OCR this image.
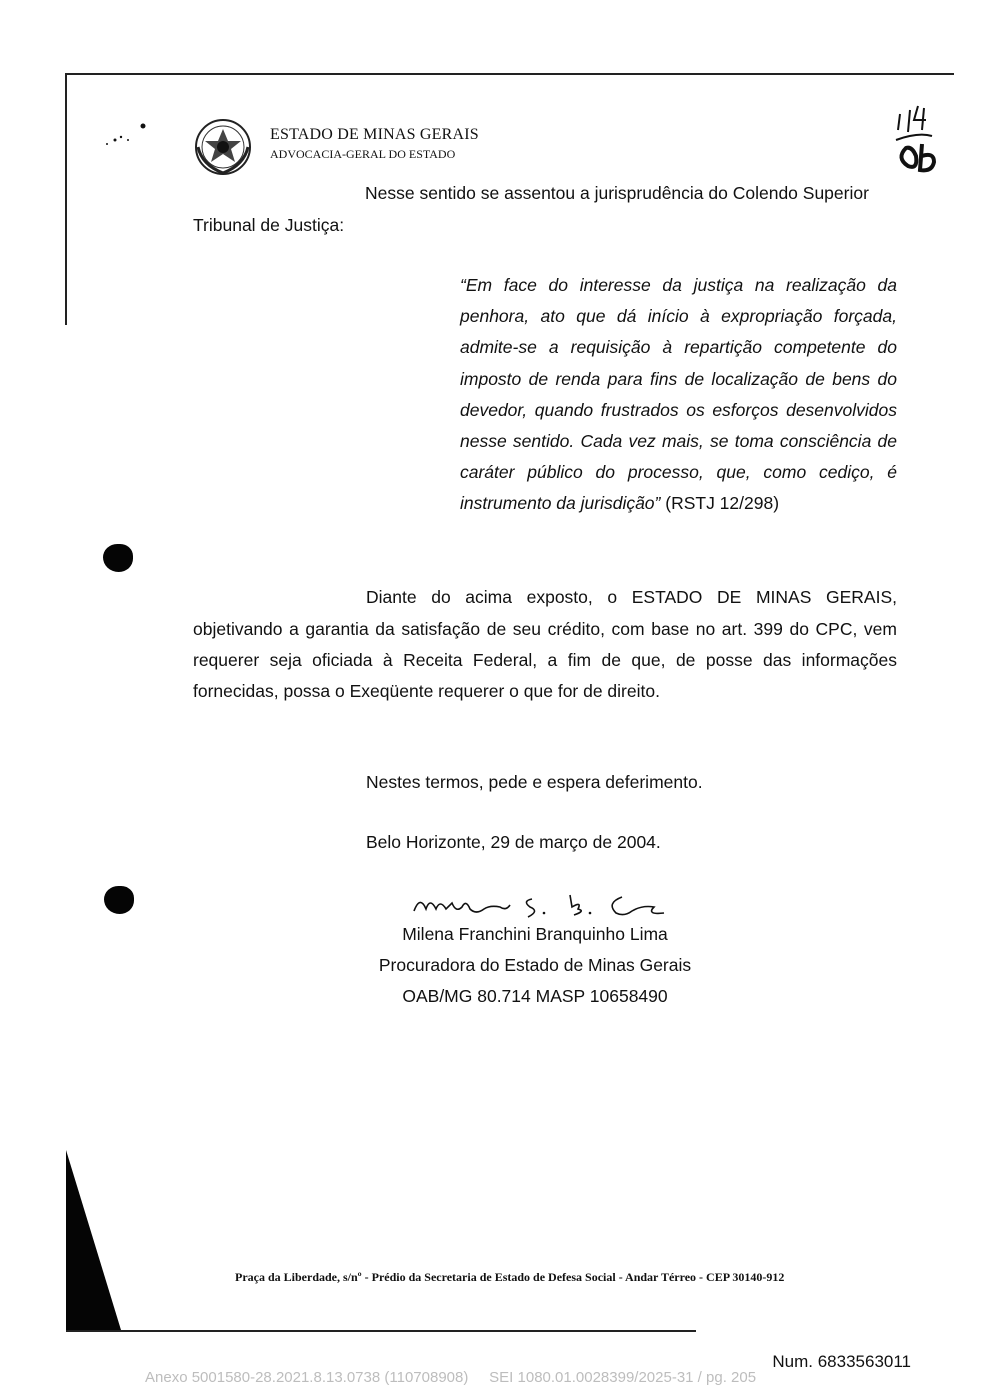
ESTADO DE MINAS GERAIS
ADVOCACIA-GERAL DO ESTADO
Nesse sentido se assentou a jurisprudência do Colendo Superior
Tribunal de Justiça:
“Em face do interesse da justiça na realização da penhora, ato que dá início à expropriação forçada, admite-se a requisição à repartição competente do imposto de renda para fins de localização de bens do devedor, quando frustrados os esforços desenvolvidos nesse sentido. Cada vez mais, se toma consciência de caráter público do processo, que, como cediço, é instrumento da jurisdição” (RSTJ 12/298)
Diante do acima exposto, o ESTADO DE MINAS GERAIS,
objetivando a garantia da satisfação de seu crédito, com base no art. 399 do CPC, vem requerer seja oficiada à Receita Federal, a fim de que, de posse das informações fornecidas, possa o Exeqüente requerer o que for de direito.
Nestes termos, pede e espera deferimento.
Belo Horizonte, 29 de março de 2004.
Milena Franchini Branquinho Lima
Procuradora do Estado de Minas Gerais
OAB/MG 80.714 MASP 10658490
Praça da Liberdade, s/nº - Prédio da Secretaria de Estado de Defesa Social - Andar Térreo - CEP 30140-912
Num. 6833563011
Anexo 5001580-28.2021.8.13.0738 (110708908)     SEI 1080.01.0028399/2025-31 / pg. 205
